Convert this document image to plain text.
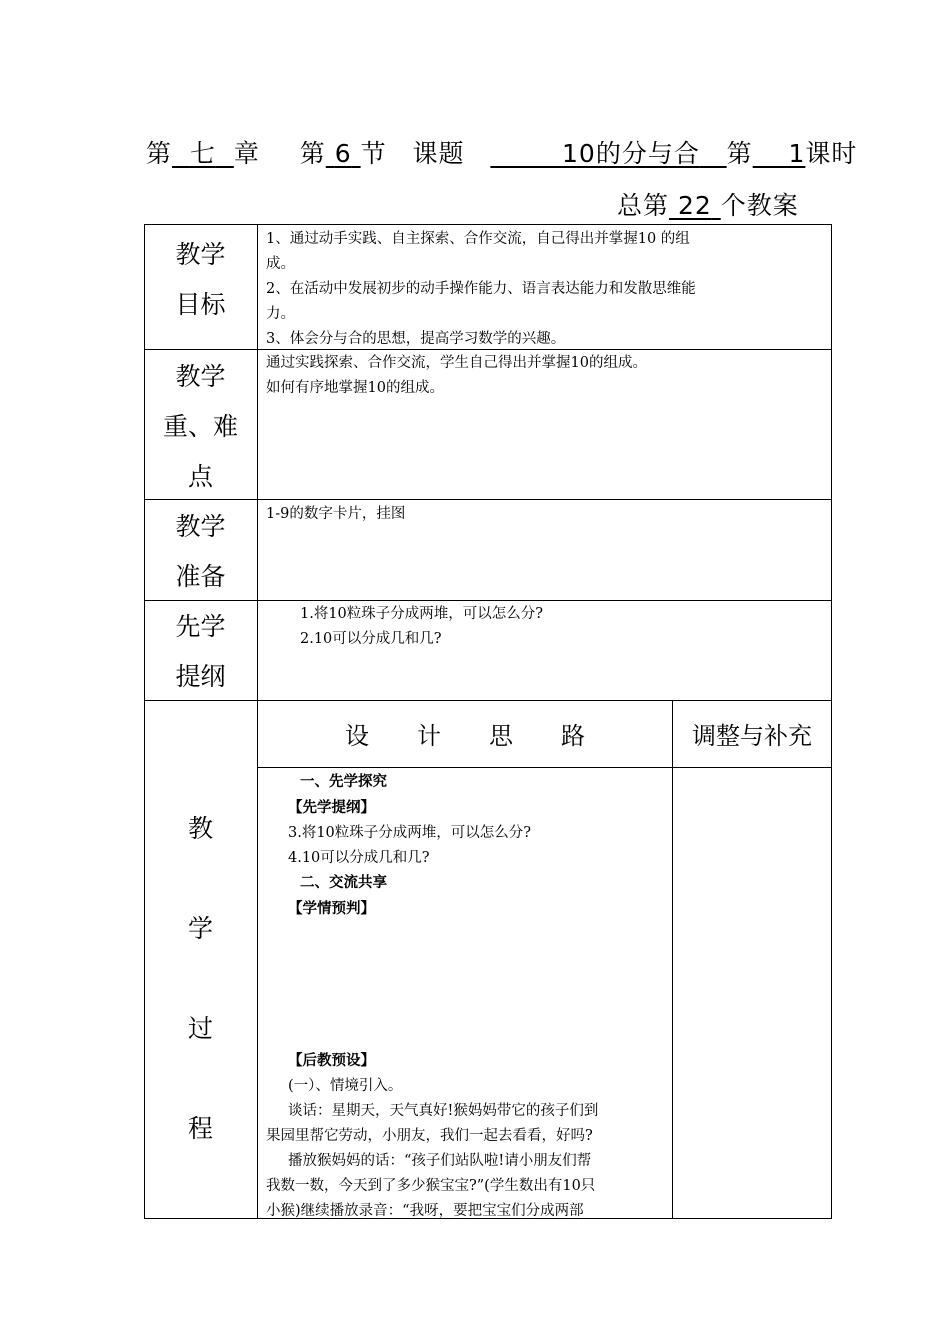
第 七 章 第 6 节 课题	10的分与合 第 1课时
总第 22 个教案
教学
目标
1、通过动手实践、自主探索、合作交流，自己得出并掌握10 的组
成。
2、在活动中发展初步的动手操作能力、语言表达能力和发散思维能
力。
3、体会分与合的思想，提高学习数学的兴趣。
教学
重、难
点
通过实践探索、合作交流，学生自己得出并掌握10的组成。
如何有序地掌握10的组成。
教学
准备
1-9的数字卡片，挂图
先学
提纲
1.将10粒珠子分成两堆，可以怎么分?
2.10可以分成几和几?
教
学
过
程
设　　计　　思　　路	调整与补充
一、先学探究
【先学提纲】
3.将10粒珠子分成两堆，可以怎么分?
4.10可以分成几和几?
二、交流共享
【学情预判】
【后教预设】
(一）、情境引入。
谈话：星期天，天气真好!猴妈妈带它的孩子们到
果园里帮它劳动，小朋友，我们一起去看看，好吗?
播放猴妈妈的话：“孩子们站队啦!请小朋友们帮
我数一数，今天到了多少猴宝宝?”(学生数出有10只
小猴)继续播放录音：“我呀，要把宝宝们分成两部
